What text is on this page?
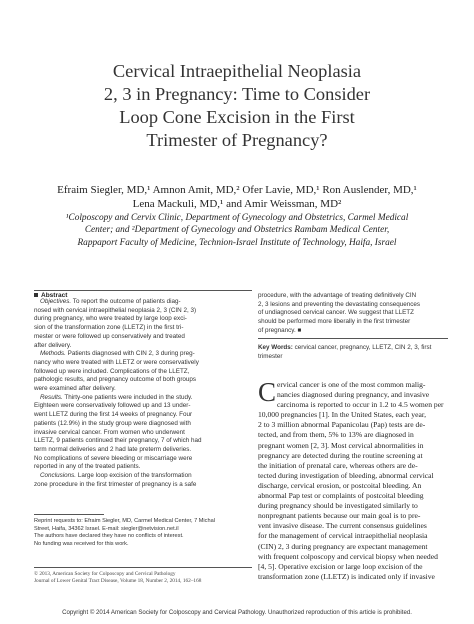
Cervical Intraepithelial Neoplasia
2, 3 in Pregnancy: Time to Consider
Loop Cone Excision in the First
Trimester of Pregnancy?
Efraim Siegler, MD,¹ Amnon Amit, MD,² Ofer Lavie, MD,¹ Ron Auslender, MD,¹
Lena Mackuli, MD,¹ and Amir Weissman, MD²
¹Colposcopy and Cervix Clinic, Department of Gynecology and Obstetrics, Carmel Medical
Center; and ²Department of Gynecology and Obstetrics Rambam Medical Center,
Rappaport Faculty of Medicine, Technion-Israel Institute of Technology, Haifa, Israel
Abstract
Objectives. To report the outcome of patients diag-
nosed with cervical intraepithelial neoplasia 2, 3 (CIN 2, 3)
during pregnancy, who were treated by large loop exci-
sion of the transformation zone (LLETZ) in the first tri-
mester or were followed up conservatively and treated
after delivery.
Methods. Patients diagnosed with CIN 2, 3 during preg-
nancy who were treated with LLETZ or were conservatively
followed up were included. Complications of the LLETZ,
pathologic results, and pregnancy outcome of both groups
were examined after delivery.
Results. Thirty-one patients were included in the study.
Eighteen were conservatively followed up and 13 under-
went LLETZ during the first 14 weeks of pregnancy. Four
patients (12.9%) in the study group were diagnosed with
invasive cervical cancer. From women who underwent
LLETZ, 9 patients continued their pregnancy, 7 of which had
term normal deliveries and 2 had late preterm deliveries.
No complications of severe bleeding or miscarriage were
reported in any of the treated patients.
Conclusions. Large loop excision of the transformation
zone procedure in the first trimester of pregnancy is a safe
procedure, with the advantage of treating definitively CIN
2, 3 lesions and preventing the devastating consequences
of undiagnosed cervical cancer. We suggest that LLETZ
should be performed more liberally in the first trimester
of pregnancy. ■
Key Words: cervical cancer, pregnancy, LLETZ, CIN 2, 3, first
trimester
C ervical cancer is one of the most common malig-
nancies diagnosed during pregnancy, and invasive
carcinoma is reported to occur in 1.2 to 4.5 women per
10,000 pregnancies [1]. In the United States, each year,
2 to 3 million abnormal Papanicolau (Pap) tests are de-
tected, and from them, 5% to 13% are diagnosed in
pregnant women [2, 3]. Most cervical abnormalities in
pregnancy are detected during the routine screening at
the initiation of prenatal care, whereas others are de-
tected during investigation of bleeding, abnormal cervical
discharge, cervical erosion, or postcoital bleeding. An
abnormal Pap test or complaints of postcoital bleeding
during pregnancy should be investigated similarly to
nonpregnant patients because our main goal is to pre-
vent invasive disease. The current consensus guidelines
for the management of cervical intraepithelial neoplasia
(CIN) 2, 3 during pregnancy are expectant management
with frequent colposcopy and cervical biopsy when needed
[4, 5]. Operative excision or large loop excision of the
transformation zone (LLETZ) is indicated only if invasive
Reprint requests to: Efraim Siegler, MD, Carmel Medical Center, 7 Michal
Street, Haifa, 34362 Israel. E-mail: siegler@netvision.net.il
The authors have declared they have no conflicts of interest.
No funding was received for this work.
© 2013, American Society for Colposcopy and Cervical Pathology
Journal of Lower Genital Tract Disease, Volume 18, Number 2, 2014, 162–168
Copyright © 2014 American Society for Colposcopy and Cervical Pathology. Unauthorized reproduction of this article is prohibited.
